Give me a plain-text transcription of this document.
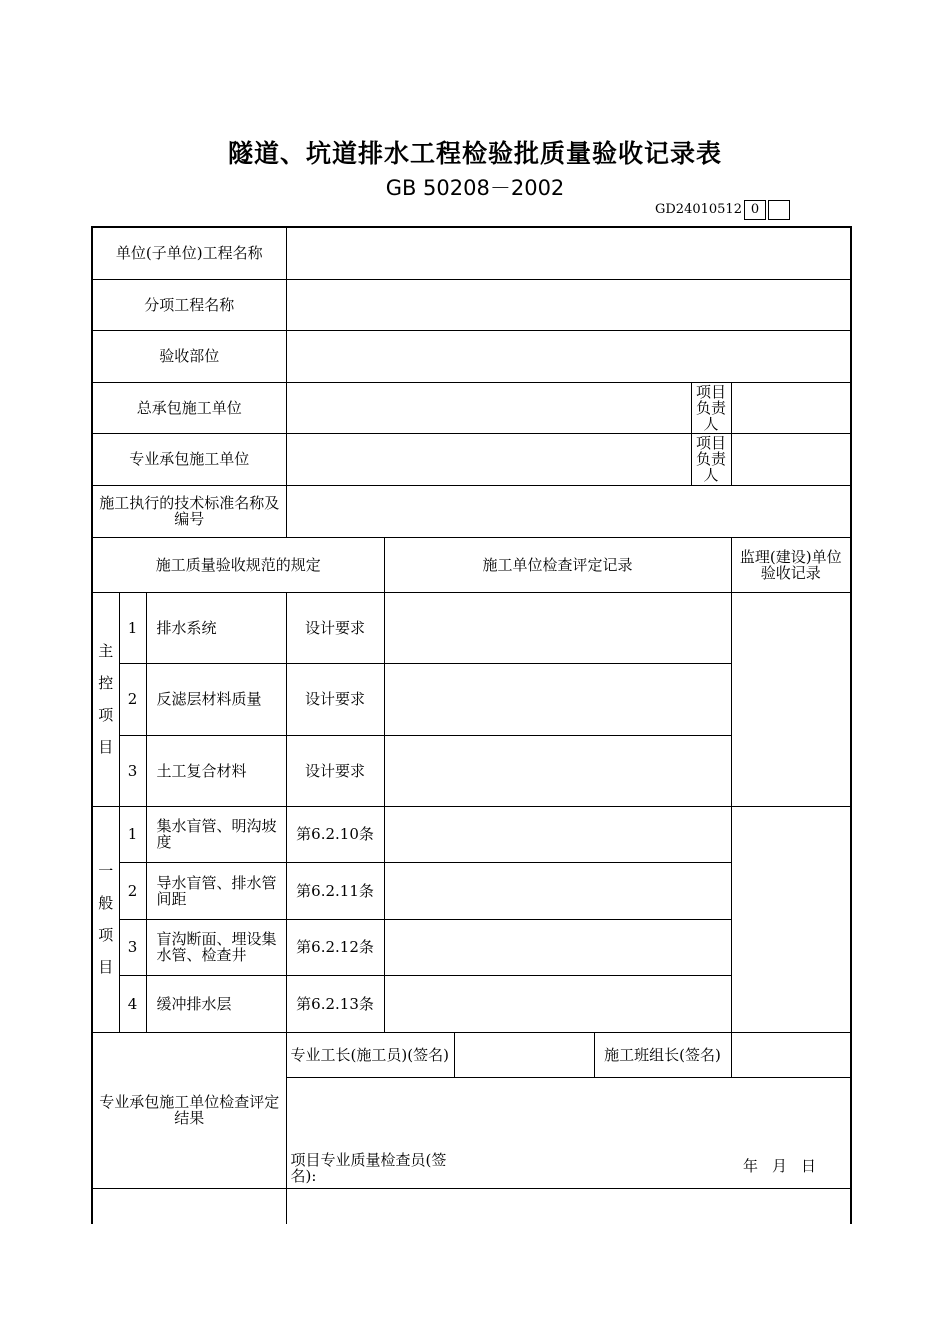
隧道、坑道排水工程检验批质量验收记录表
GB 50208－2002
GD24010512 0
单位(子单位)工程名称								
分项工程名称								
验收部位								
总承包施工单位							项目负责人	
专业承包施工单位							项目负责人	
施工执行的技术标准名称及编号								
施工质量验收规范的规定				施工单位检查评定记录				监理(建设)单位验收记录
主
控
项
目	1	排水系统	设计要求					
	2	反滤层材料质量	设计要求					
	3	土工复合材料	设计要求					
一
般
项
目	1	集水盲管、明沟坡度	第6.2.10条					
	2	导水盲管、排水管间距	第6.2.11条					
	3	盲沟断面、埋设集水管、检查井	第6.2.12条					
	4	缓冲排水层	第6.2.13条					
专业承包施工单位检查评定结果			专业工长(施工员)(签名)			施工班组长(签名)		

			项目专业质量检查员(签名):
年 月 日					
